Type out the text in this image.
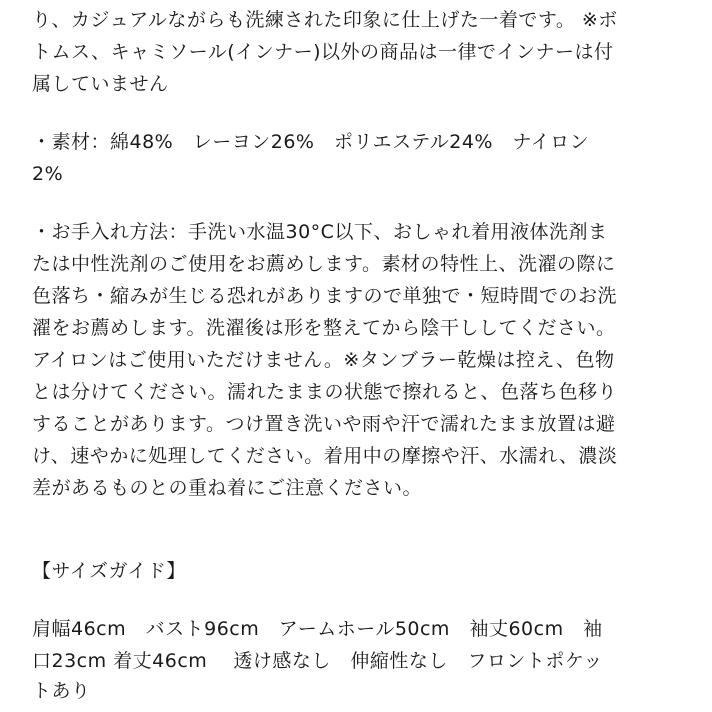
り、カジュアルながらも洗練された印象に仕上げた一着です。 ※ボ
トムス、キャミソール(インナー)以外の商品は一律でインナーは付
属していません
・素材：綿48%　レーヨン26%　ポリエステル24%　ナイロン
2%
・お手入れ方法：手洗い水温30°C以下、おしゃれ着用液体洗剤ま
たは中性洗剤のご使用をお薦めします。素材の特性上、洗濯の際に
色落ち・縮みが生じる恐れがありますので単独で・短時間でのお洗
濯をお薦めします。洗濯後は形を整えてから陰干ししてください。
アイロンはご使用いただけません。※タンブラー乾燥は控え、色物
とは分けてください。濡れたままの状態で擦れると、色落ち色移り
することがあります。つけ置き洗いや雨や汗で濡れたまま放置は避
け、速やかに処理してください。着用中の摩擦や汗、水濡れ、濃淡
差があるものとの重ね着にご注意ください。
【サイズガイド】
肩幅46cm　バスト96cm　アームホール50cm　袖丈60cm　袖
口23cm 着丈46cm　 透け感なし　伸縮性なし　フロントポケッ
トあり
